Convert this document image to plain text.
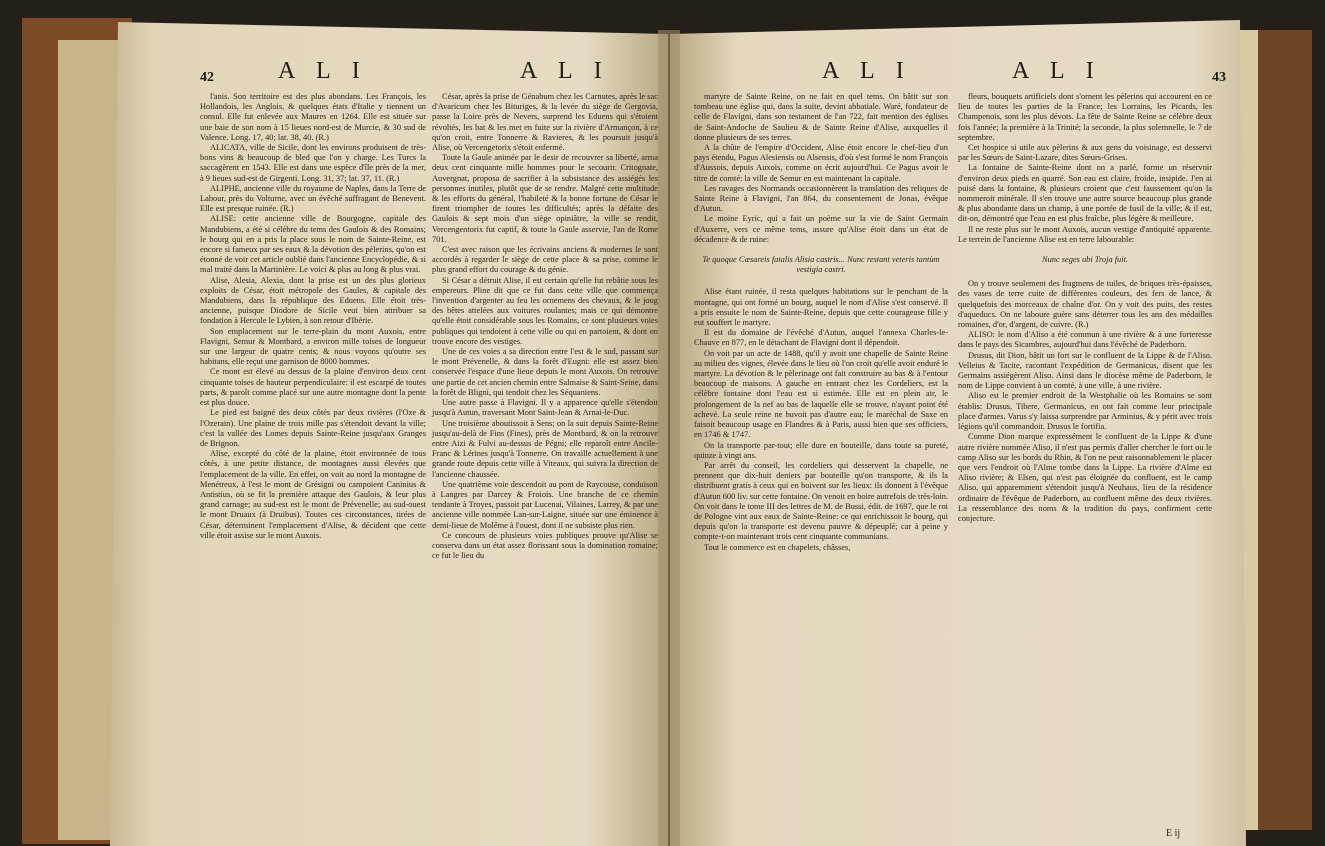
42	A L I	A L I

l'anis. Son territoire est des plus abondans. Les François, les Hollandois, les Anglois, & quelques états d'Italie y tiennent un consul. Elle fut enlevée aux Maures en 1264. Elle est située sur une baie de son nom à 15 lieues nord-est de Murcie, & 30 sud de Valence. Long. 17, 40; lat. 38, 40. (R.)

ALICATA, ville de Sicile, dont les environs produisent de très-bons vins & beaucoup de bled que l'on y charge. Les Turcs la saccagèrent en 1543. Elle est dans une espèce d'île près de la mer, à 9 lieues sud-est de Girgenti. Long. 31, 37; lat. 37, 11. (R.)

ALIPHE, ancienne ville du royaume de Naples, dans la Terre de Labour, près du Volturne, avec un évêché suffragant de Benevent. Elle est presque ruinée. (R.)

ALISE: cette ancienne ville de Bourgogne, capitale des Mandubiens, a été si célèbre du tems des Gaulois & des Romains; le bourg qui en a pris la place sous le nom de Sainte-Reine, est encore si fameux par ses eaux & la dévotion des pèlerins, qu'on est étonné de voir cet article oublié dans l'ancienne Encyclopédie, & si mal traité dans la Martinière. Le voici & plus au long & plus vrai.

Alise, Alesia, Alexia, dont la prise est un des plus glorieux exploits de César, étoit métropole des Gaules, & capitale des Mandubiens, dans la république des Eduens. Elle étoit très-ancienne, puisque Diodore de Sicile veut bien attribuer sa fondation à Hercule le Lybien, à son retour d'Ibérie.

Son emplacement sur le terre-plain du mont Auxois, entre Flavigni, Semur & Montbard, a environ mille toises de longueur sur une largeur de quatre cents; & nous voyons qu'outre ses habitans, elle reçut une garnison de 8000 hommes.

Ce mont est élevé au dessus de la plaine d'environ deux cent cinquante toises de hauteur perpendiculaire: il est escarpé de toutes parts, & paroît comme placé sur une autre montagne dont la pente est plus douce.

Le pied est baigné des deux côtés par deux rivières (l'Oze & l'Ozerain). Une plaine de trois mille pas s'étendoit devant la ville; c'est la vallée des Lomes depuis Sainte-Reine jusqu'aux Granges de Brignon.

Alise, excepté du côté de la plaine, étoit environnée de tous côtés, à une petite distance, de montagnes aussi élevées que l'emplacement de la ville. En effet, on voit au nord la montagne de Menétreux, à l'est le mont de Grésigni ou campoient Caninius & Antistius, où se fit la première attaque des Gaulois, & leur plus grand carnage; au sud-est est le mont de Prévenelle; au sud-ouest le mont Druaux (à Druibus). Toutes ces circonstances, tirées de César, déterminent l'emplacement d'Alise, & décident que cette ville étoit assise sur le mont Auxois.

César, après la prise de Génabum chez les Carnutes, après le sac d'Avaricum chez les Bituriges, & la levée du siège de Gergovia, passe la Loire près de Nevers, surprend les Eduens qui s'étoient révoltés, les bat & les met en fuite sur la rivière d'Armançon, à ce qu'on croit, entre Tonnerre & Ravieres, & les poursuit jusqu'à Alise, où Vercengetorix s'étoit enfermé.

Toute la Gaule animée par le desir de recouvrer sa liberté, arma deux cent cinquante mille hommes pour le secourir. Critognate, Auvergnat, proposa de sacrifier à la subsistance des assiégés les personnes inutiles, plutôt que de se rendre. Malgré cette multitude & les efforts du général, l'habileté & la bonne fortune de César le firent triompher de toutes les difficultés; après la défaite des Gaulois & sept mois d'un siège opiniâtre, la ville se rendit, Vercengentorix fut captif, & toute la Gaule asservie, l'an de Rome 701.

C'est avec raison que les écrivains anciens & modernes le sont accordés à regarder le siège de cette place & sa prise, comme le plus grand effort du courage & du génie.

Si César a détruit Alise, il est certain qu'elle fut rebâtie sous les empereurs. Pline dit que ce fut dans cette ville que commença l'invention d'argenter au feu les ornemens des chevaux, & le joug des bêtes attelées aux voitures roulantes; mais ce qui démontre qu'elle étoit considérable sous les Romains, ce sont plusieurs voies publiques qui tendoient à cette ville ou qui en partoient, & dont on trouve encore des vestiges.

Une de ces voies a sa direction entre l'est & le sud, passant sur le mont Prévenelle, & dans la forêt d'Eugni: elle est assez bien conservée l'espace d'une lieue depuis le mont Auxois. On retrouve une partie de cet ancien chemin entre Salmaise & Saint-Seine, dans la forêt de Bligni, qui tendoit chez les Séquaniens.

Une autre passe à Flavigni. Il y a apparence qu'elle s'étendoit jusqu'à Autun, traversant Mont Saint-Jean & Arnai-le-Duc.

Une troisième aboutissoit à Sens; on la suit depuis Sainte-Reine jusqu'au-delà de Fins (Fines), près de Montbard, & on la retrouve entre Aizi & Fulvi au-dessus de Pégni; elle reparoît entre Ancile-Franc & Lérines jusqu'à Tonnerre. On travaille actuellement à une grande route depuis cette ville à Viteaux, qui suivra la direction de l'ancienne chaussée.

Une quatrième voie descendoit au pont de Raycouse, conduisoit à Langres par Darcey & Froiois. Une branche de ce chemin tendante à Troyes, passoit par Lucenai, Vilaines, Larrey, & par une ancienne ville nommée Lan-sur-Laigne, située sur une éminence à demi-lieue de Molême à l'ouest, dont il ne subsiste plus rien.

Ce concours de plusieurs voies publiques prouve qu'Alise se conserva dans un état assez florissant sous la domination romaine; ce fut le lieu du

A L I	A L I	43

martyre de Sainte Reine, on ne fait en quel tems. On bâtit sur son tombeau une église qui, dans la suite, devint abbatiale. Waré, fondateur de celle de Flavigni, dans son testament de l'an 722, fait mention des églises de Saint-Andoche de Saulieu & de Sainte Reine d'Alise, auxquelles il donne plusieurs de ses terres.

A la chûte de l'empire d'Occident, Alise étoit encore le chef-lieu d'un pays étendu, Pagus Alesiensis ou Alsensis, d'où s'est formé le nom François d'Aussois, depuis Auxois, comme on écrit aujourd'hui. Ce Pagus avoit le titre de comté: la ville de Semur en est maintenant la capitale.

Les ravages des Normands occasionnèrent la translation des reliques de Sainte Reine à Flavigni, l'an 864, du consentement de Jonas, évêque d'Autun.

Le moine Eyric, qui a fait un poème sur la vie de Saint Germain d'Auxerre, vers ce même tems, assure qu'Alise étoit dans un état de décadence & de ruine:

Te quoque Cæsareis fatalis Alisia castris... Nunc restant veteris tantùm vestigia castri.

Alise étant ruinée, il resta quelques habitations sur le penchant de la montagne, qui ont formé un bourg, auquel le nom d'Alise s'est conservé. Il a pris ensuite le nom de Sainte-Reine, depuis que cette courageuse fille y eut souffert le martyre.

Il est du domaine de l'évêché d'Autun, auquel l'annexa Charles-le-Chauve en 877, en le détachant de Flavigni dont il dépendoit.

On voit par un acte de 1488, qu'il y avoit une chapelle de Sainte Reine au milieu des vignes, élevée dans le lieu où l'on croit qu'elle avoit enduré le martyre. La dévotion & le pèlerinage ont fait construire au bas & à l'entour beaucoup de maisons. A gauche en entrant chez les Cordeliers, est la célèbre fontaine dont l'eau est si estimée. Elle est en plein air, le prolongement de la nef au bas de laquelle elle se trouve, n'ayant point été achevé. La seule reine ne buvoit pas d'autre eau; le maréchal de Saxe en faisoit beaucoup usage en Flandres & à Paris, aussi bien que ses officiers, en 1746 & 1747.

On la transporte par-tout; elle dure en bouteille, dans toute sa pureté, quinze à vingt ans.

Par arrêt du conseil, les cordeliers qui desservent la chapelle, ne prennent que dix-huit deniers par bouteille qu'on transporte, & ils la distribuent gratis à ceux qui en boivent sur les lieux: ils donnent à l'évêque d'Autun 600 liv. sur cette fontaine. On venoit en boire autrefois de très-loin. On voit dans le tome III des lettres de M. de Bussi, édit. de 1697, que le roi de Pologne vint aux eaux de Sainte-Reine: ce qui enrichissoit le bourg, qui depuis qu'on la transporte est devenu pauvre & dépeuplé; car à peine y compte-t-on maintenant trois cent cinquante communians.

Tout le commerce est en chapelets, châsses,

fleurs, bouquets artificiels dont s'ornent les pèlerins qui accourent en ce lieu de toutes les parties de la France; les Lorrains, les Picards, les Champenois, sont les plus dévots. La fête de Sainte Reine se célèbre deux fois l'année; la première à la Trinité; la seconde, la plus solemnelle, le 7 de septembre.

Cet hospice si utile aux pèlerins & aux gens du voisinage, est desservi par les Sœurs de Saint-Lazare, dites Sœurs-Grises.

La fontaine de Sainte-Reine dont on a parlé, forme un réservoir d'environ deux pieds en quarré. Son eau est claire, froide, insipide. J'en ai puisé dans la fontaine, & plusieurs croient que c'est faussement qu'on la nommeroit minérale. Il s'en trouve une autre source beaucoup plus grande & plus abondante dans un champ, à une portée de fusil de la ville; & il est, dit-on, démontré que l'eau en est plus fraîche, plus légère & meilleure.

Il ne reste plus sur le mont Auxois, aucun vestige d'antiquité apparente. Le terrein de l'ancienne Alise est en terre labourable:

Nunc seges ubi Troja fuit.

On y trouve seulement des fragmens de tuiles, de briques très-épaisses, des vases de terre cuite de différentes couleurs, des fers de lance, & quelquefois des morceaux de chaîne d'or. On y voit des puits, des restes d'aqueducs. On ne laboure guère sans déterrer tous les ans des médailles romaines, d'or, d'argent, de cuivre. (R.)

ALISO: le nom d'Aliso a été commun à une rivière & à une forteresse dans le pays des Sicambres, aujourd'hui dans l'évêché de Paderborn.

Drusus, dit Dion, bâtit un fort sur le confluent de la Lippe & de l'Aliso. Velleius & Tacite, racontant l'expédition de Germanicus, disent que les Germains assiégèrent Aliso. Ainsi dans le diocèse même de Paderborn, le nom de Lippe convient à un comté, à une ville, à une rivière.

Aliso est le premier endroit de la Westphalie où les Romains se sont établis: Drusus, Tibere, Germanicus, en ont fait comme leur principale place d'armes. Varus s'y laissa surprendre par Arminius, & y périt avec trois légions qu'il commandoit. Drusus le fortifia.

Comme Dion marque expressément le confluent de la Lippe & d'une autre rivière nommée Aliso, il n'est pas permis d'aller chercher le fort ou le camp Aliso sur les bords du Rhin, & l'on ne peut raisonnablement le placer que vers l'endroit où l'Alme tombe dans la Lippe. La rivière d'Alme est Aliso rivière; & Elsen, qui n'est pas éloignée du confluent, est le camp Aliso, qui apparemment s'étendoit jusqu'à Neuhaus, lieu de la résidence ordinaire de l'évêque de Paderborn, au confluent même des deux rivières. La ressemblance des noms & la tradition du pays, confirment cette conjecture.

E ij
